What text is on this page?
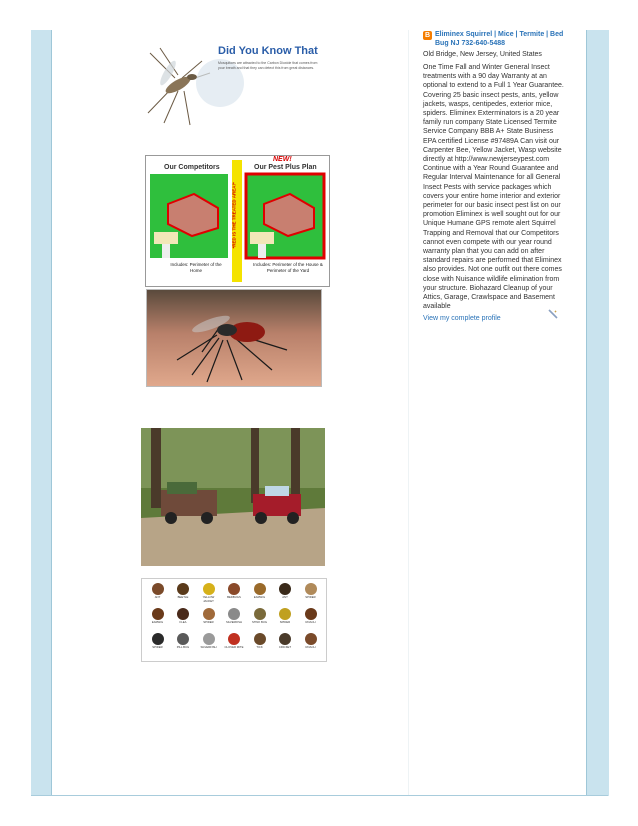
Did You Know That
Mosquitoes are attracted to the Carbon Dioxide that comes from your breath and that they can detect this from great distances.
Our Competitors	Our Pest Plus Plan
NEW!
*RED IS THE TREATED AREA!*
Includes: Perimeter of the Home
Includes: Perimeter of the House & Perimeter of the Yard
ANT	BEETLE	YELLOW JACKET
BEDBUGS	EARWIG	ANT	SPIDER
EARWIG	FLEA	SPIDER	SILVERFISH	STINK BUG	SPIDER	ROACH
SPIDER	PILL BUG	SILVERFISH	CLOVER MITE	TICK	CRICKET	ROACH
B Eliminex Squirrel | Mice | Termite | Bed Bug NJ 732-640-5488
Old Bridge, New Jersey, United States
One Time Fall and Winter General Insect treatments with a 90 day Warranty at an optional to extend to a Full 1 Year Guarantee. Covering 25 basic insect pests, ants, yellow jackets, wasps, centipedes, exterior mice, spiders. Eliminex Exterminators is a 20 year family run company State Licensed Termite Service Company BBB A+ State Business EPA certified License #97489A Can visit our Carpenter Bee, Yellow Jacket, Wasp website directly at http://www.newjerseypest.com Continue with a Year Round Guarantee and Regular Interval Maintenance for all General Insect Pests with service packages which covers your entire home interior and exterior perimeter for our basic insect pest list on our promotion Eliminex is well sought out for our Unique Humane GPS remote alert Squirrel Trapping and Removal that our Competitors cannot even compete with our year round warranty plan that you can add on after standard repairs are performed that Eliminex also provides. Not one outfit out there comes close with Nuisance wildlife elimination from your structure. Biohazard Cleanup of your Attics, Garage, Crawlspace and Basement available
View my complete profile
